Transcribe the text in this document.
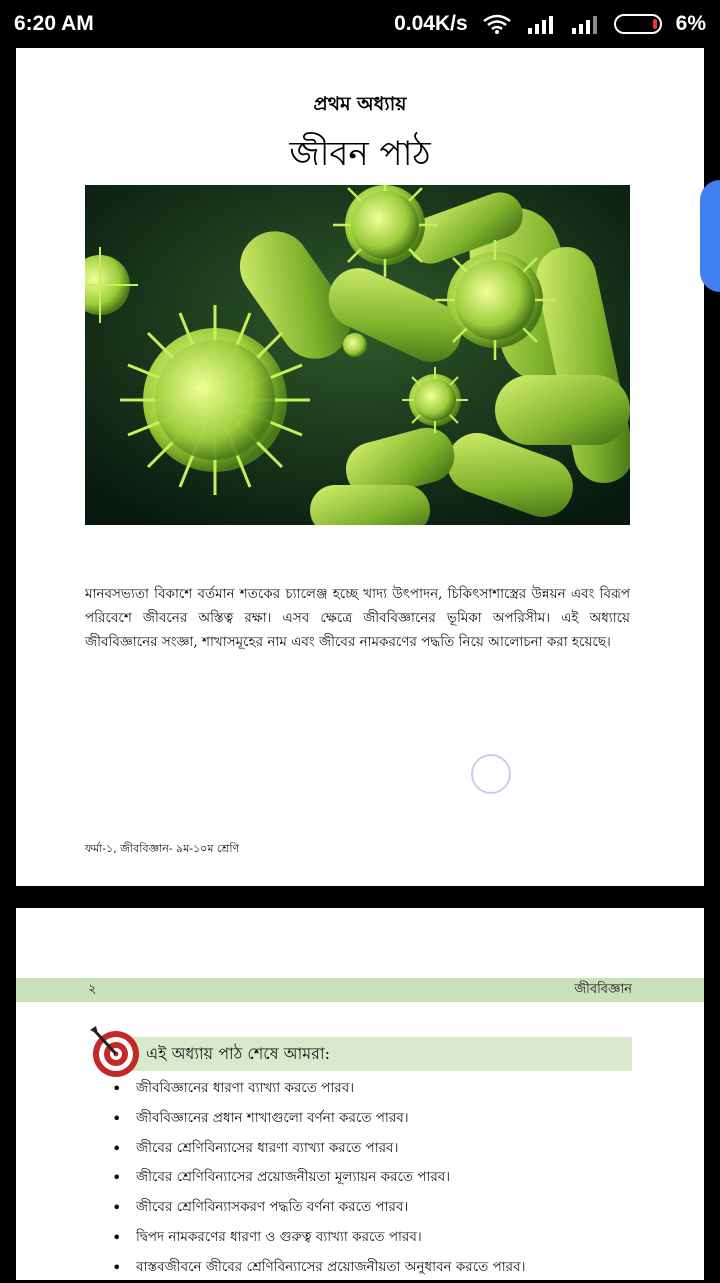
6:20 AM	0.04K/s	6%
প্রথম অধ্যায়
জীবন পাঠ
মানবসভ্যতা বিকাশে বর্তমান শতকের চ্যালেঞ্জ হচ্ছে খাদ্য উৎপাদন, চিকিৎসাশাস্ত্রের উন্নয়ন এবং বিরূপ পরিবেশে জীবনের অস্তিত্ব রক্ষা। এসব ক্ষেত্রে জীববিজ্ঞানের ভূমিকা অপরিসীম। এই অধ্যায়ে জীববিজ্ঞানের সংজ্ঞা, শাখাসমূহের নাম এবং জীবের নামকরণের পদ্ধতি নিয়ে আলোচনা করা হয়েছে।
ফর্মা-১, জীববিজ্ঞান- ৯ম-১০ম শ্রেণি
২	জীববিজ্ঞান
এই অধ্যায় পাঠ শেষে আমরা:
• জীববিজ্ঞানের ধারণা ব্যাখ্যা করতে পারব।
• জীববিজ্ঞানের প্রধান শাখাগুলো বর্ণনা করতে পারব।
• জীবের শ্রেণিবিন্যাসের ধারণা ব্যাখ্যা করতে পারব।
• জীবের শ্রেণিবিন্যাসের প্রয়োজনীয়তা মূল্যায়ন করতে পারব।
• জীবের শ্রেণিবিন্যাসকরণ পদ্ধতি বর্ণনা করতে পারব।
• দ্বিপদ নামকরণের ধারণা ও গুরুত্ব ব্যাখ্যা করতে পারব।
• বাস্তবজীবনে জীবের শ্রেণিবিন্যাসের প্রয়োজনীয়তা অনুধাবন করতে পারব।
